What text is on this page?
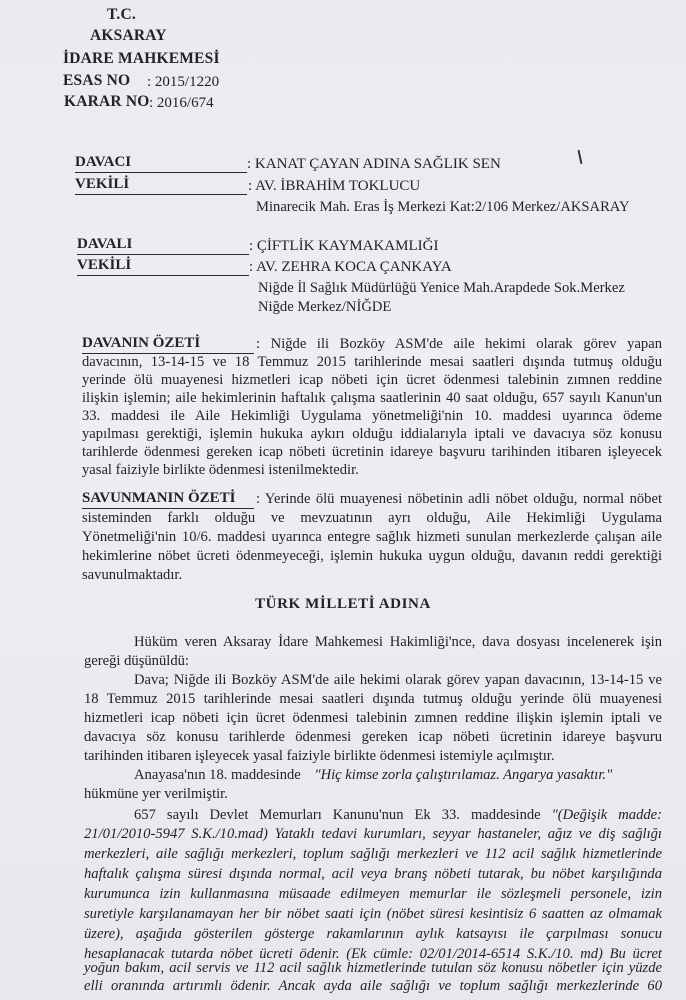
T.C.
AKSARAY
İDARE MAHKEMESİ
ESAS NO : 2015/1220
KARAR NO : 2016/674
DAVACI	: KANAT ÇAYAN ADINA SAĞLIK SEN
VEKİLİ	: AV. İBRAHİM TOKLUCU
Minarecik Mah. Eras İş Merkezi Kat:2/106 Merkez/AKSARAY
DAVALI	: ÇİFTLİK KAYMAKAMLIĞI
VEKİLİ	: AV. ZEHRA KOCA ÇANKAYA
Niğde İl Sağlık Müdürlüğü Yenice Mah.Arapdede Sok.Merkez
Niğde Merkez/NİĞDE
DAVANIN ÖZETİ	: Niğde ili Bozköy ASM'de aile hekimi olarak görev yapan
davacının, 13-14-15 ve 18 Temmuz 2015 tarihlerinde mesai saatleri dışında tutmuş olduğu
yerinde ölü muayenesi hizmetleri icap nöbeti için ücret ödenmesi talebinin zımnen reddine
ilişkin işlemin; aile hekimlerinin haftalık çalışma saatlerinin 40 saat olduğu, 657 sayılı Kanun'un
33. maddesi ile Aile Hekimliği Uygulama yönetmeliği'nin 10. maddesi uyarınca ödeme
yapılması gerektiği, işlemin hukuka aykırı olduğu iddialarıyla iptali ve davacıya söz konusu
tarihlerde ödenmesi gereken icap nöbeti ücretinin idareye başvuru tarihinden itibaren işleyecek
yasal faiziyle birlikte ödenmesi istenilmektedir.
SAVUNMANIN ÖZETİ : Yerinde ölü muayenesi nöbetinin adli nöbet olduğu, normal nöbet
sisteminden farklı olduğu ve mevzuatının ayrı olduğu, Aile Hekimliği Uygulama
Yönetmeliği'nin 10/6. maddesi uyarınca entegre sağlık hizmeti sunulan merkezlerde çalışan aile
hekimlerine nöbet ücreti ödenmeyeceği, işlemin hukuka uygun olduğu, davanın reddi gerektiği
savunulmaktadır.
TÜRK MİLLETİ ADINA
Hüküm veren Aksaray İdare Mahkemesi Hakimliği'nce, dava dosyası incelenerek işin
gereği düşünüldü:
Dava; Niğde ili Bozköy ASM'de aile hekimi olarak görev yapan davacının, 13-14-15 ve
18 Temmuz 2015 tarihlerinde mesai saatleri dışında tutmuş olduğu yerinde ölü muayenesi
hizmetleri icap nöbeti için ücret ödenmesi talebinin zımnen reddine ilişkin işlemin iptali ve
davacıya söz konusu tarihlerde ödenmesi gereken icap nöbeti ücretinin idareye başvuru
tarihinden itibaren işleyecek yasal faiziyle birlikte ödenmesi istemiyle açılmıştır.
Anayasa'nın 18. maddesinde "Hiç kimse zorla çalıştırılamaz. Angarya yasaktır."
hükmüne yer verilmiştir.
657 sayılı Devlet Memurları Kanunu'nun Ek 33. maddesinde "(Değişik madde:
21/01/2010-5947 S.K./10.mad) Yataklı tedavi kurumları, seyyar hastaneler, ağız ve diş sağlığı
merkezleri, aile sağlığı merkezleri, toplum sağlığı merkezleri ve 112 acil sağlık hizmetlerinde
haftalık çalışma süresi dışında normal, acil veya branş nöbeti tutarak, bu nöbet karşılığında
kurumunca izin kullanmasına müsaade edilmeyen memurlar ile sözleşmeli personele, izin
suretiyle karşılanamayan her bir nöbet saati için (nöbet süresi kesintisiz 6 saatten az olmamak
üzere), aşağıda gösterilen gösterge rakamlarının aylık katsayısı ile çarpılması sonucu
hesaplanacak tutarda nöbet ücreti ödenir. (Ek cümle: 02/01/2014-6514 S.K./10. md) Bu ücret
yoğun bakım, acil servis ve 112 acil sağlık hizmetlerinde tutulan söz konusu nöbetler için yüzde
elli oranında artırımlı ödenir. Ancak ayda aile sağlığı ve toplum sağlığı merkezlerinde 60
